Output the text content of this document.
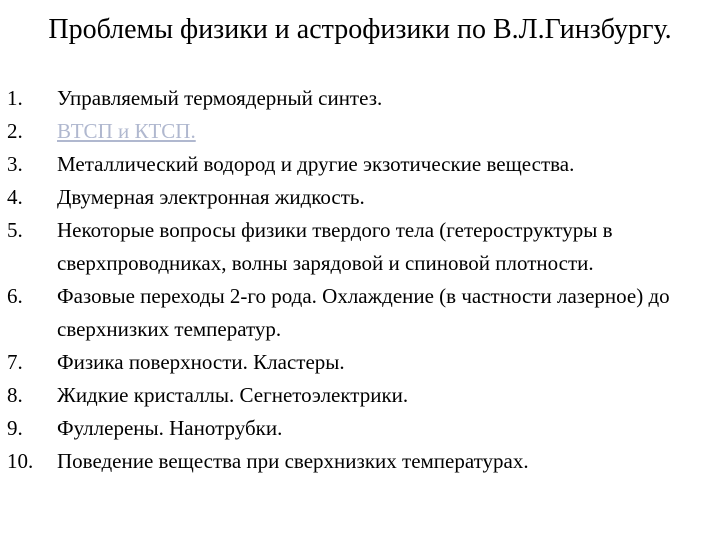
Проблемы физики и астрофизики по В.Л.Гинзбургу.
1.	Управляемый термоядерный синтез.
2.	ВТСП и КТСП.
3.	Металлический водород и другие экзотические вещества.
4.	Двумерная электронная жидкость.
5.	Некоторые вопросы физики твердого тела (гетероструктуры в сверхпроводниках, волны зарядовой и спиновой плотности.
6.	Фазовые переходы 2-го рода. Охлаждение (в частности лазерное) до сверхнизких температур.
7.	Физика поверхности. Кластеры.
8.	Жидкие кристаллы. Сегнетоэлектрики.
9.	Фуллерены. Нанотрубки.
10.	Поведение вещества при сверхнизких температурах.
